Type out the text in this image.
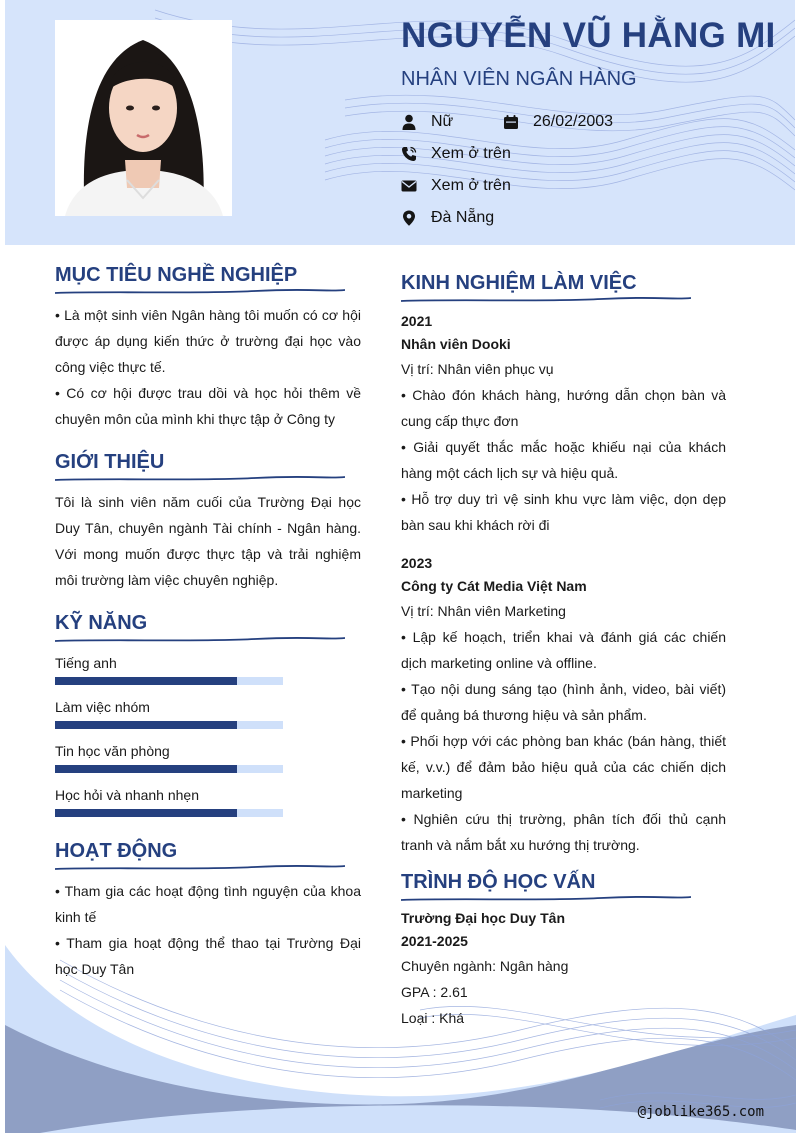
NGUYỄN VŨ HẰNG MI
NHÂN VIÊN NGÂN HÀNG
Nữ	26/02/2003
Xem ở trên
Xem ở trên
Đà Nẵng
MỤC TIÊU NGHỀ NGHIỆP
• Là một sinh viên Ngân hàng tôi muốn có cơ hội được áp dụng kiến thức ở trường đại học vào công việc thực tế.
• Có cơ hội được trau dồi và học hỏi thêm về chuyên môn của mình khi thực tập ở Công ty
GIỚI THIỆU
Tôi là sinh viên năm cuối của Trường Đại học Duy Tân, chuyên ngành Tài chính - Ngân hàng. Với mong muốn được thực tập và trải nghiệm môi trường làm việc chuyên nghiệp.
KỸ NĂNG
Tiếng anh
Làm việc nhóm
Tin học văn phòng
Học hỏi và nhanh nhẹn
HOẠT ĐỘNG
• Tham gia các hoạt động tình nguyện của khoa kinh tế
• Tham gia hoạt động thể thao tại Trường Đại học Duy Tân
KINH NGHIỆM LÀM VIỆC
2021
Nhân viên Dooki
Vị trí: Nhân viên phục vụ
• Chào đón khách hàng, hướng dẫn chọn bàn và cung cấp thực đơn
• Giải quyết thắc mắc hoặc khiếu nại của khách hàng một cách lịch sự và hiệu quả.
• Hỗ trợ duy trì vệ sinh khu vực làm việc, dọn dẹp bàn sau khi khách rời đi
2023
Công ty Cát Media Việt Nam
Vị trí: Nhân viên Marketing
• Lập kế hoạch, triển khai và đánh giá các chiến dịch marketing online và offline.
• Tạo nội dung sáng tạo (hình ảnh, video, bài viết) để quảng bá thương hiệu và sản phẩm.
• Phối hợp với các phòng ban khác (bán hàng, thiết kế, v.v.) để đảm bảo hiệu quả của các chiến dịch marketing
• Nghiên cứu thị trường, phân tích đối thủ cạnh tranh và nắm bắt xu hướng thị trường.
TRÌNH ĐỘ HỌC VẤN
Trường Đại học Duy Tân
2021-2025
Chuyên ngành: Ngân hàng
GPA : 2.61
Loại : Khá
@joblike365.com
